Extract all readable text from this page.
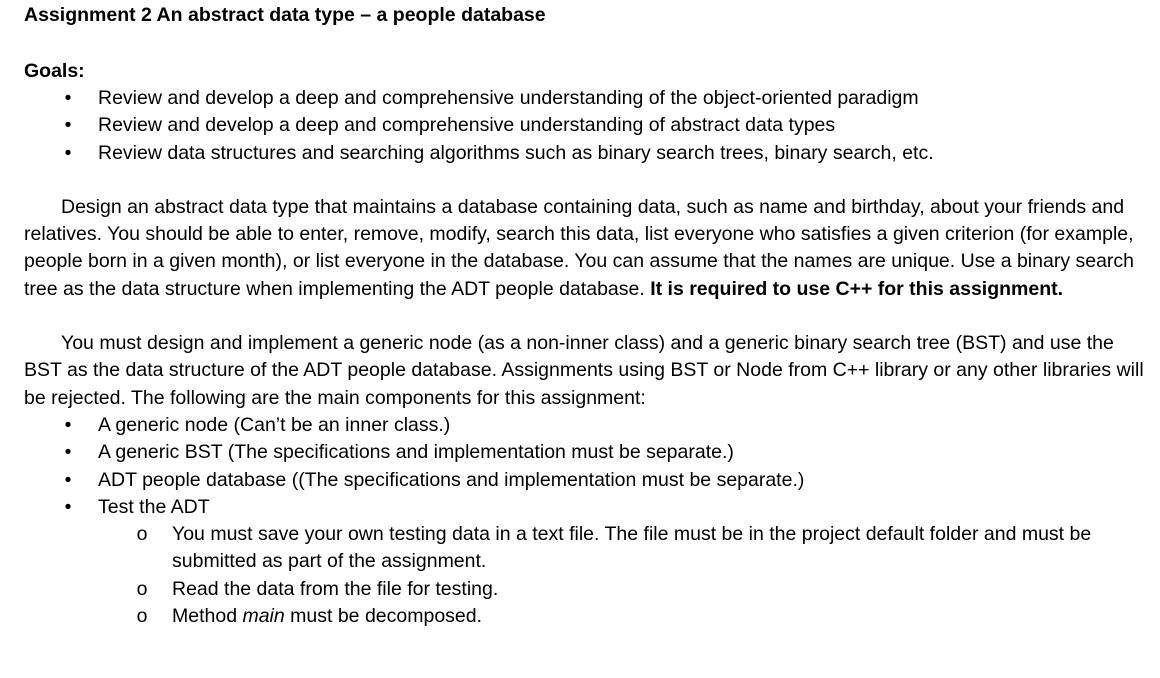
Assignment 2 An abstract data type – a people database
Goals:
•	Review and develop a deep and comprehensive understanding of the object-oriented paradigm
•	Review and develop a deep and comprehensive understanding of abstract data types
•	Review data structures and searching algorithms such as binary search trees, binary search, etc.

Design an abstract data type that maintains a database containing data, such as name and birthday, about your friends and relatives. You should be able to enter, remove, modify, search this data, list everyone who satisfies a given criterion (for example, people born in a given month), or list everyone in the database. You can assume that the names are unique. Use a binary search tree as the data structure when implementing the ADT people database. It is required to use C++ for this assignment.

You must design and implement a generic node (as a non-inner class) and a generic binary search tree (BST) and use the BST as the data structure of the ADT people database. Assignments using BST or Node from C++ library or any other libraries will be rejected. The following are the main components for this assignment:

•	A generic node (Can’t be an inner class.)
•	A generic BST (The specifications and implementation must be separate.)
•	ADT people database ((The specifications and implementation must be separate.)
•	Test the ADT
o You must save your own testing data in a text file. The file must be in the project default folder and must be submitted as part of the assignment.
o Read the data from the file for testing.
o Method main must be decomposed.
